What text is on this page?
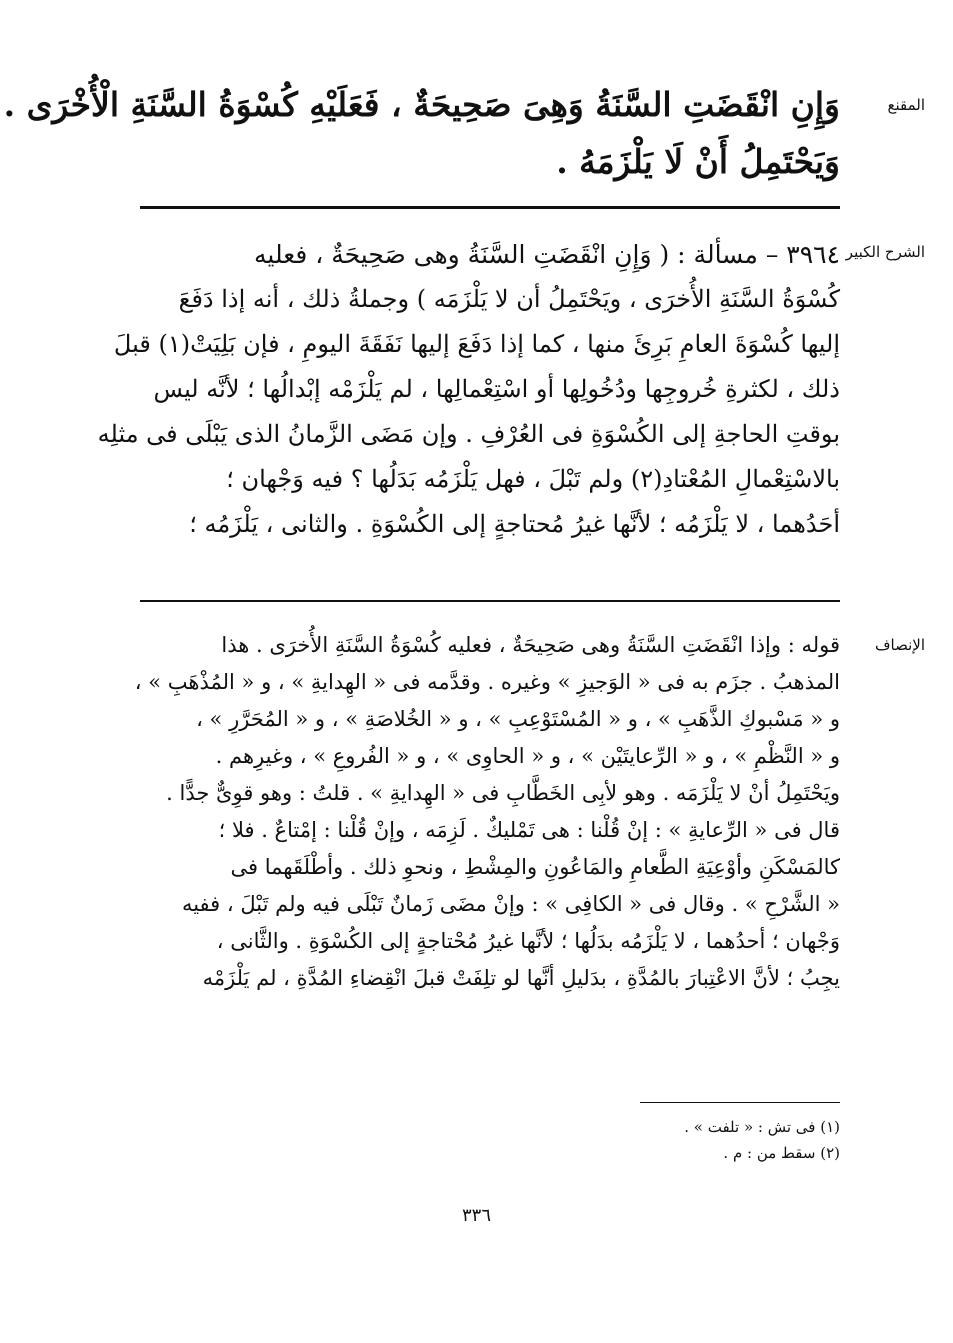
المقنع
وَإِنِ انْقَضَتِ السَّنَةُ وَهِىَ صَحِيحَةٌ ، فَعَلَيْهِ كُسْوَةُ السَّنَةِ الْأُخْرَى .
وَيَحْتَمِلُ أَنْ لَا يَلْزَمَهُ .
الشرح الكبير
٣٩٦٤ – مسألة : ( وَإِنِ انْقَضَتِ السَّنَةُ وهى صَحِيحَةٌ ، فعليه
كُسْوَةُ السَّنَةِ الأُخرَى ، ويَحْتَمِلُ أن لا يَلْزَمَه ) وجملةُ ذلك ، أنه إذا دَفَعَ
إليها كُسْوَةَ العامِ بَرِئَ منها ، كما إذا دَفَعَ إليها نَفَقَةَ اليومِ ، فإن بَلِيَتْ(١) قبلَ
ذلك ، لكثرةِ خُروجِها ودُخُولِها أو اسْتِعْمالِها ، لم يَلْزَمْه إبْدالُها ؛ لأنَّه ليس
بوقتِ الحاجةِ إلى الكُسْوَةِ فى العُرْفِ . وإن مَضَى الزَّمانُ الذى يَبْلَى فى مثلِه
بالاسْتِعْمالِ المُعْتادِ(٢) ولم تَبْلَ ، فهل يَلْزَمُه بَدَلُها ؟ فيه وَجْهان ؛
أحَدُهما ، لا يَلْزَمُه ؛ لأنَّها غيرُ مُحتاجةٍ إلى الكُسْوَةِ . والثانى ، يَلْزَمُه ؛
الإنصاف
قوله : وإذا انْقَضَتِ السَّنَةُ وهى صَحِيحَةٌ ، فعليه كُسْوَةُ السَّنَةِ الأُخرَى . هذا
المذهبُ . جزَم به فى « الوَجيزِ » وغيره . وقدَّمه فى « الهِدايةِ » ، و « المُذْهَبِ » ،
و « مَسْبوكِ الذَّهَبِ » ، و « المُسْتَوْعِبِ » ، و « الخُلاصَةِ » ، و « المُحَرَّرِ » ،
و « النَّظْمِ » ، و « الرِّعايتَيْن » ، و « الحاوِى » ، و « الفُروعِ » ، وغيرِهم .
ويَحْتَمِلُ أنْ لا يَلْزَمَه . وهو لأبِى الخَطَّابِ فى « الهِدايةِ » . قلتُ : وهو قوِىٌّ جدًّا .
قال فى « الرِّعايةِ » : إنْ قُلْنا : هى تَمْليكٌ . لَزِمَه ، وإنْ قُلْنا : إمْتاعٌ . فلا ؛
كالمَسْكَنِ وأوْعِيَةِ الطَّعامِ والمَاعُونِ والمِشْطِ ، ونحوِ ذلك . وأطْلَقَهما فى
« الشَّرْحِ » . وقال فى « الكافِى » : وإنْ مضَى زَمانٌ تَبْلَى فيه ولم تَبْلَ ، ففيه
وَجْهان ؛ أحدُهما ، لا يَلْزَمُه بدَلُها ؛ لأنَّها غيرُ مُحْتاجةٍ إلى الكُسْوَةِ . والثَّانى ،
يجِبُ ؛ لأنَّ الاعْتِبارَ بالمُدَّةِ ، بدَليلِ أنَّها لو تلِفَتْ قبلَ انْقِضاءِ المُدَّةِ ، لم يَلْزَمْه
(١) فى تش : « تلفت » .
(٢) سقط من : م .
٣٣٦
